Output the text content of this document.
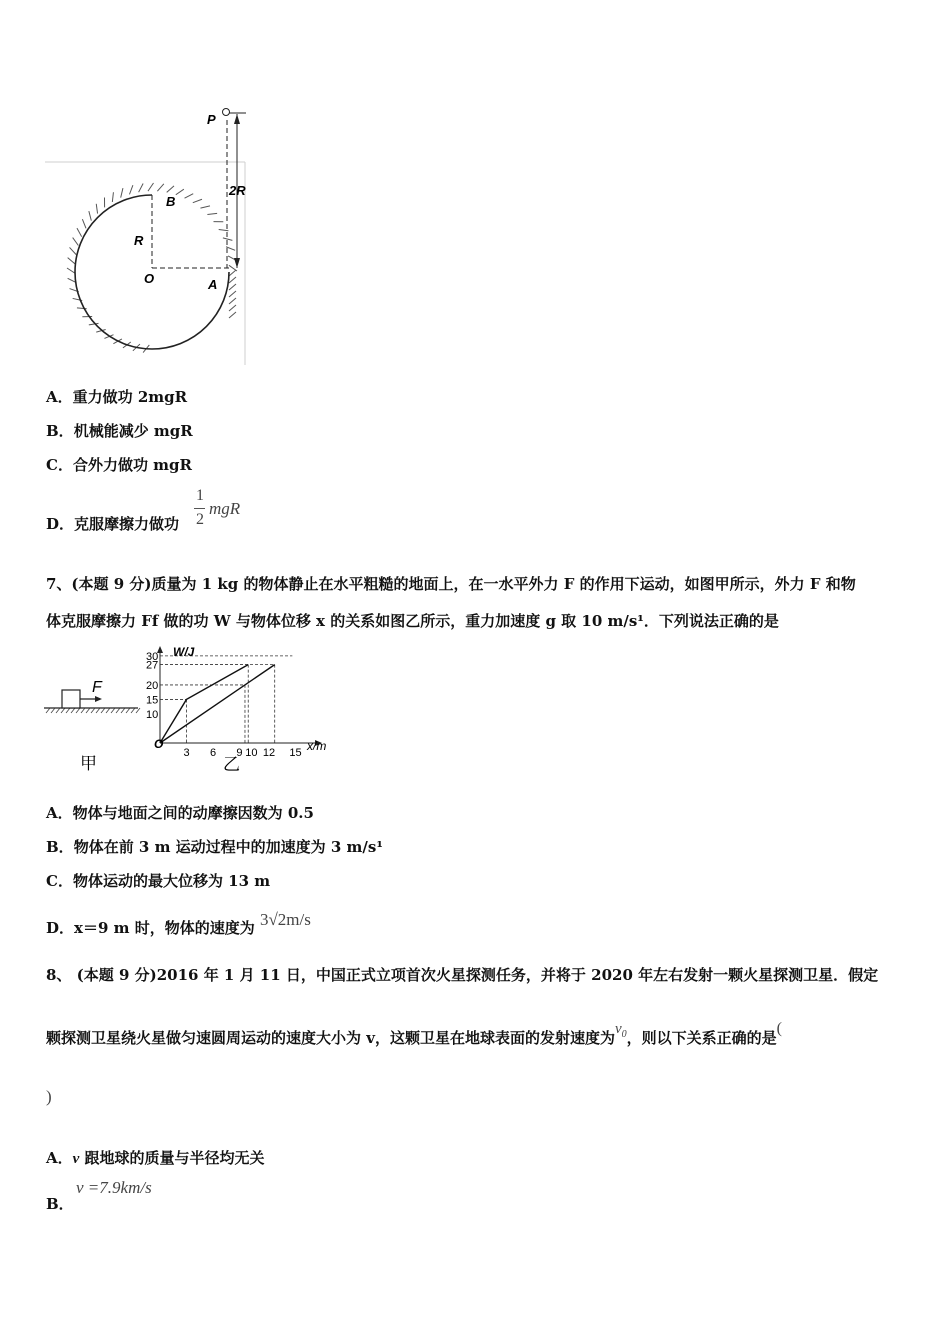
P
B
R
O	A
2R
A．重力做功 2mgR
B．机械能减少 mgR
C．合外力做功 mgR
D．克服摩擦力做功
1
2
mgR
7、(本题 9 分)质量为 1 kg 的物体静止在水平粗糙的地面上，在一水平外力 F 的作用下运动，如图甲所示，外力 F 和物
体克服摩擦力 Ff 做的功 W 与物体位移 x 的关系如图乙所示，重力加速度 g 取 10 m/s¹．下列说法正确的是
F
甲
3 6 9 10 12 15
10
15
20
27
30 W/J
x/m
O
乙
A．物体与地面之间的动摩擦因数为 0.5
B．物体在前 3 m 运动过程中的加速度为 3 m/s¹
C．物体运动的最大位移为 13 m
D．x＝9 m 时，物体的速度为 3√2m/s
8、 (本题 9 分)2016 年 1 月 11 日，中国正式立项首次火星探测任务，并将于 2020 年左右发射一颗火星探测卫星．假定
颗探测卫星绕火星做匀速圆周运动的速度大小为 v，这颗卫星在地球表面的发射速度为$v_0$，则以下关系正确的是(
)
A．v 跟地球的质量与半径均无关
B．
v =7.9km/s
